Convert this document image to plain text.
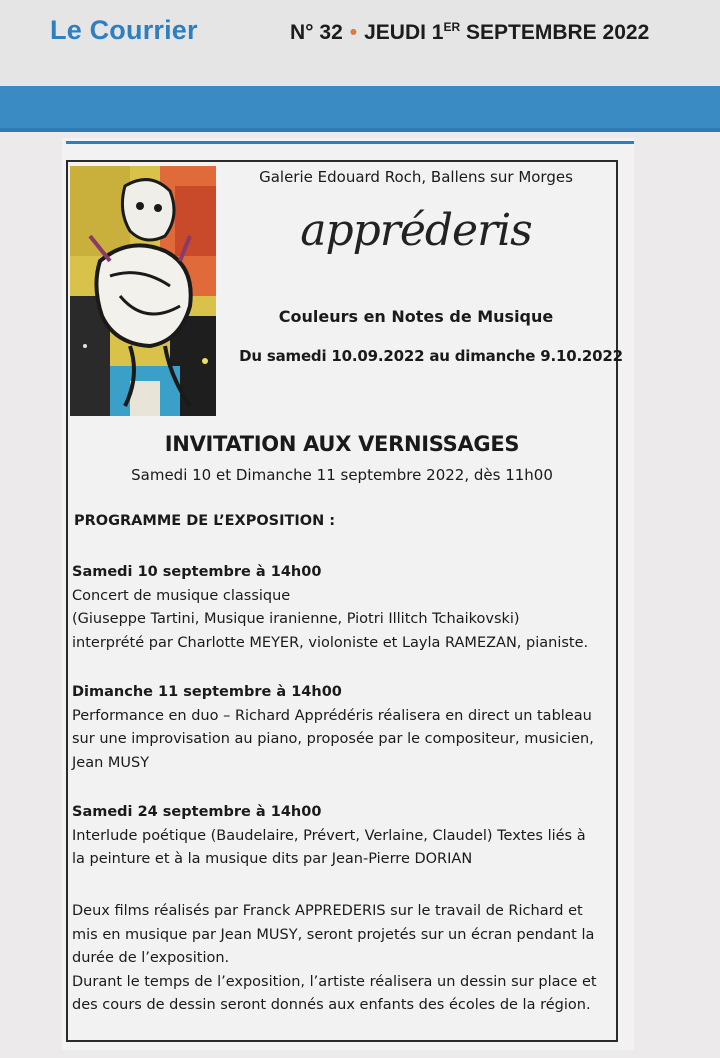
Le Courrier	N° 32 • JEUDI 1ER SEPTEMBRE 2022
Galerie Edouard Roch, Ballens sur Morges
appréderis
Couleurs en Notes de Musique
Du samedi 10.09.2022 au dimanche 9.10.2022
INVITATION AUX VERNISSAGES
Samedi 10 et Dimanche 11 septembre 2022, dès 11h00
PROGRAMME DE L’EXPOSITION :
Samedi 10 septembre à 14h00
Concert de musique classique
(Giuseppe Tartini, Musique iranienne, Piotri Illitch Tchaikovski)
interprété par Charlotte MEYER, violoniste et Layla RAMEZAN, pianiste.
Dimanche 11 septembre à 14h00
Performance en duo – Richard Apprédéris réalisera en direct un tableau
sur une improvisation au piano, proposée par le compositeur, musicien,
Jean MUSY
Samedi 24 septembre à 14h00
Interlude poétique (Baudelaire, Prévert, Verlaine, Claudel) Textes liés à
la peinture et à la musique dits par Jean-Pierre DORIAN
Deux films réalisés par Franck APPREDERIS sur le travail de Richard et
mis en musique par Jean MUSY, seront projetés sur un écran pendant la
durée de l’exposition.
Durant le temps de l’exposition, l’artiste réalisera un dessin sur place et
des cours de dessin seront donnés aux enfants des écoles de la région.
